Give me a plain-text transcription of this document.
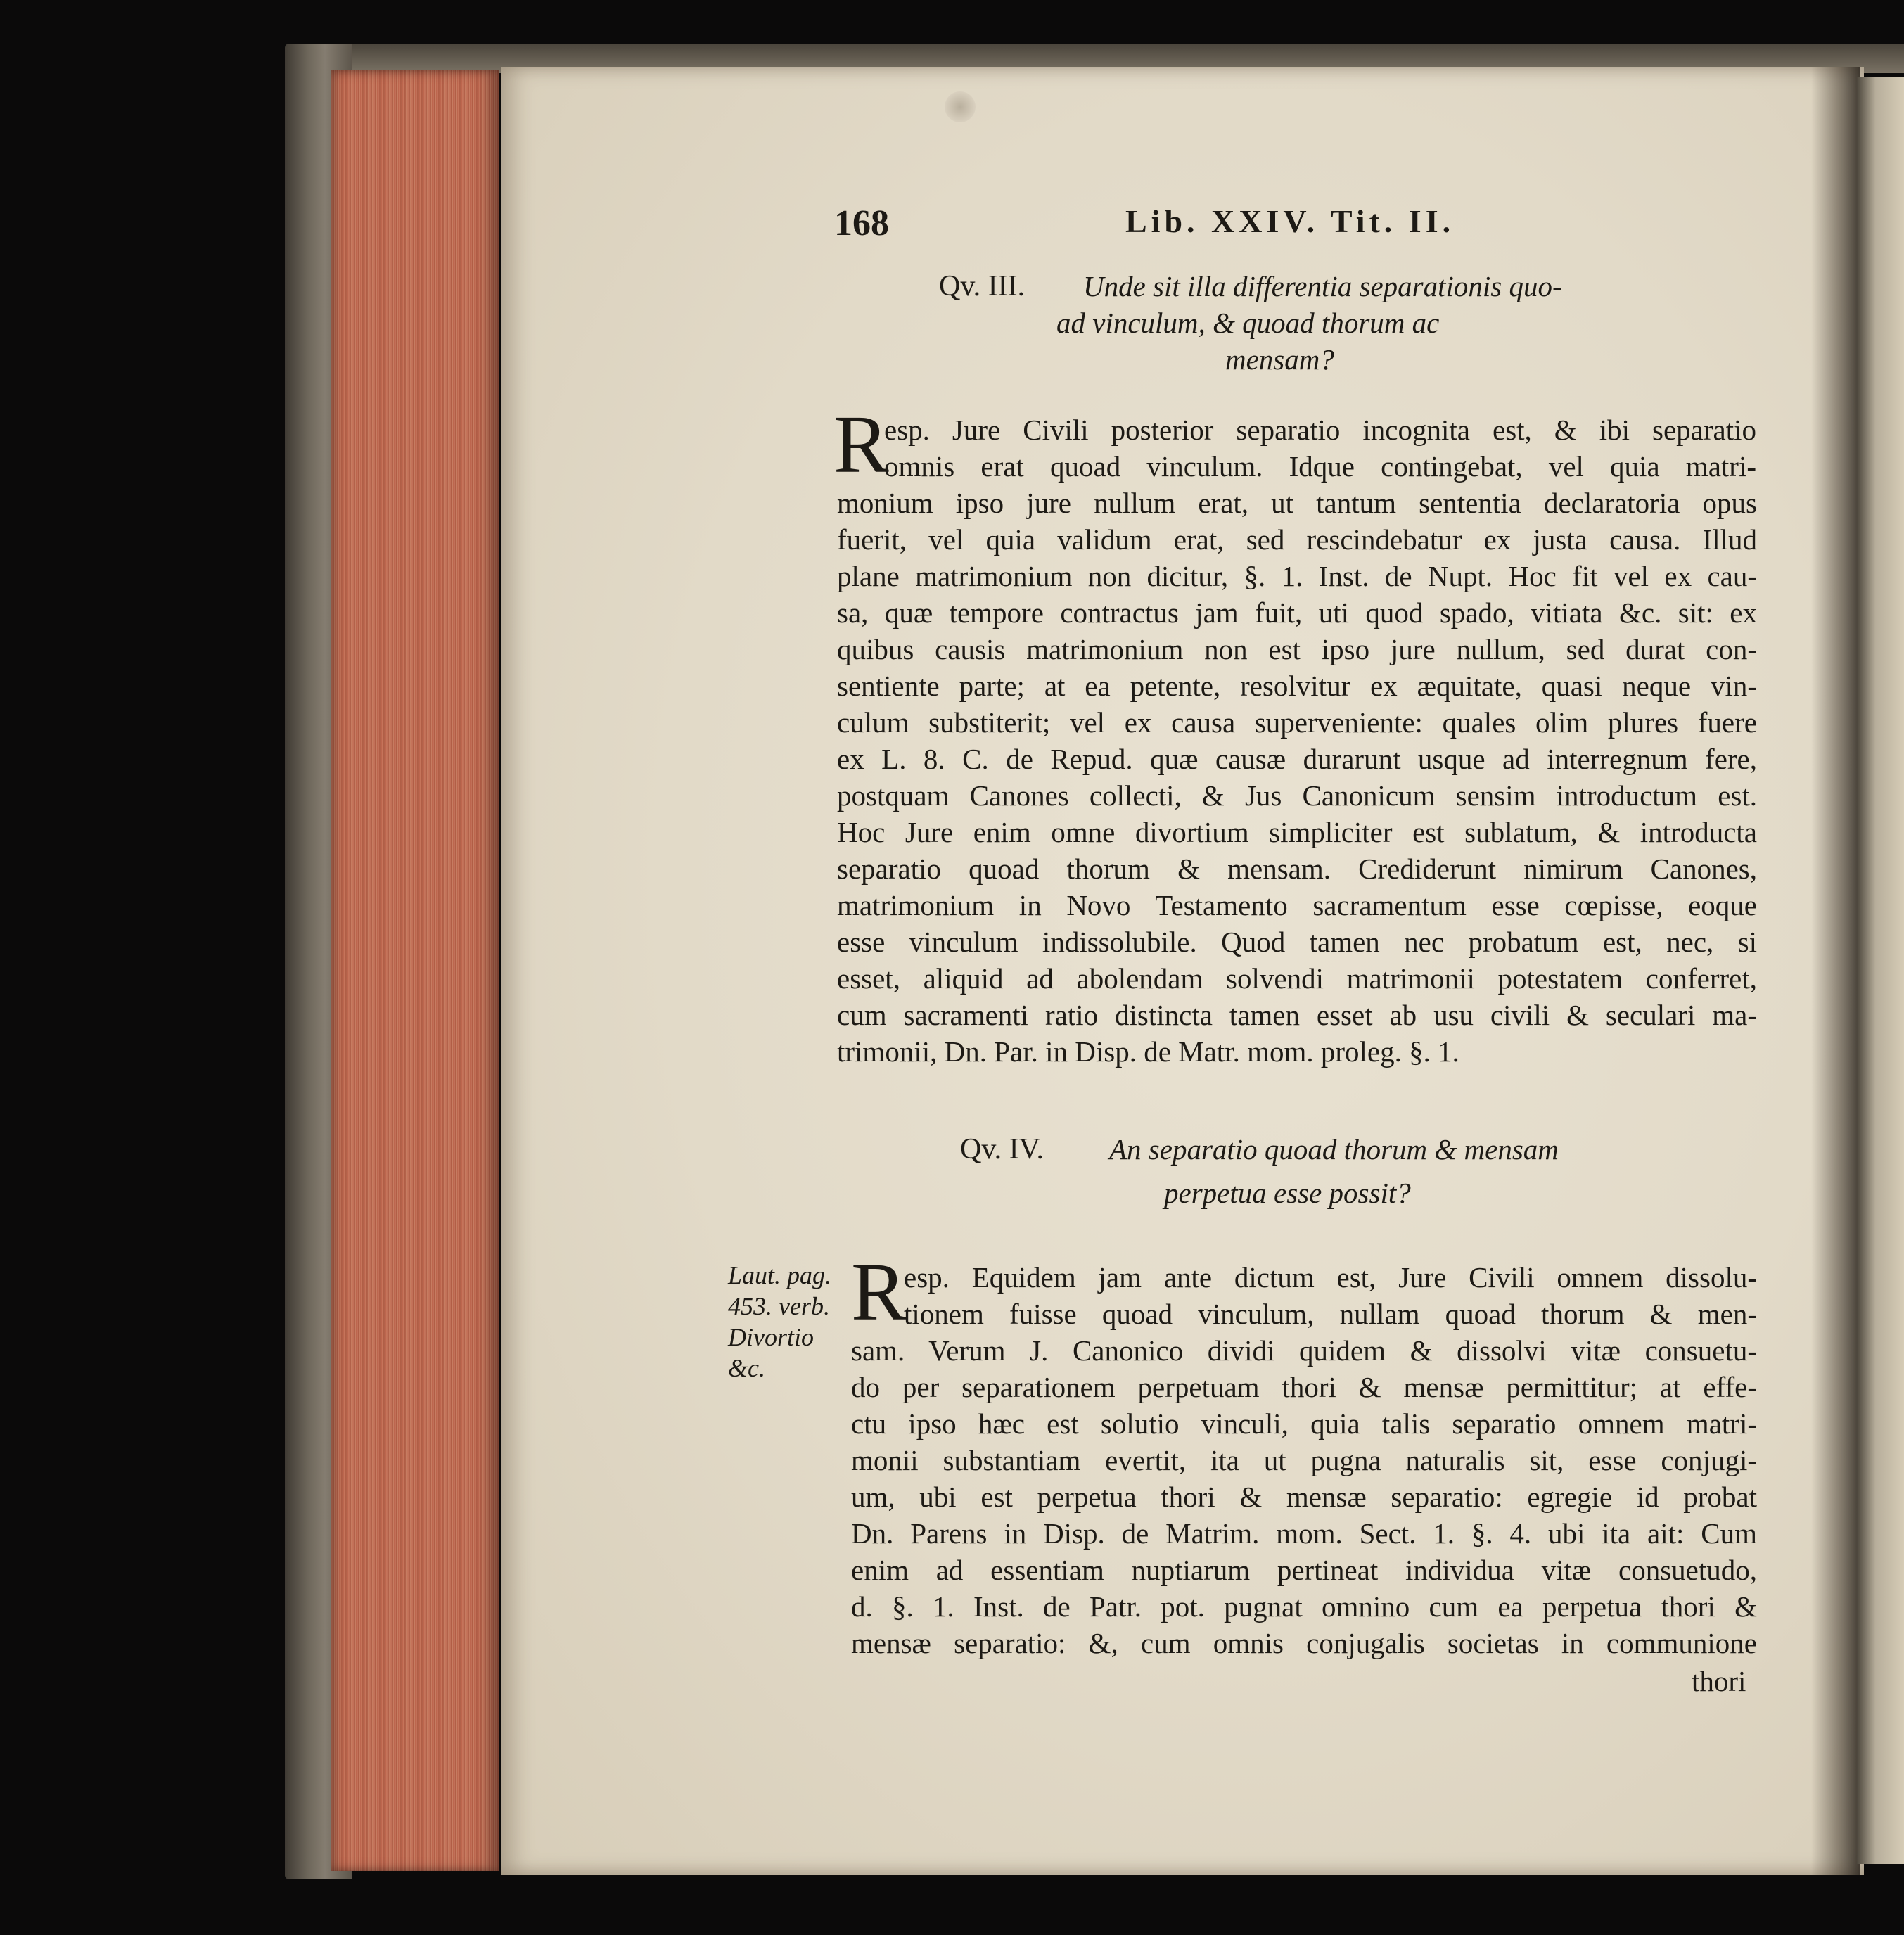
168	Lib. XXIV. Tit. II.
Qv. III. Unde sit illa differentia separationis quo-
ad vinculum, & quoad thorum ac
mensam?
R
esp. Jure Civili posterior separatio incognita est, & ibi separatio
omnis erat quoad vinculum. Idque contingebat, vel quia matri-
monium ipso jure nullum erat, ut tantum sententia declaratoria opus
fuerit, vel quia validum erat, sed rescindebatur ex justa causa. Illud
plane matrimonium non dicitur, §. 1. Inst. de Nupt. Hoc fit vel ex cau-
sa, quæ tempore contractus jam fuit, uti quod spado, vitiata &c. sit: ex
quibus causis matrimonium non est ipso jure nullum, sed durat con-
sentiente parte; at ea petente, resolvitur ex æquitate, quasi neque vin-
culum substiterit; vel ex causa superveniente: quales olim plures fuere
ex L. 8. C. de Repud. quæ causæ durarunt usque ad interregnum fere,
postquam Canones collecti, & Jus Canonicum sensim introductum est.
Hoc Jure enim omne divortium simpliciter est sublatum, & introducta
separatio quoad thorum & mensam. Crediderunt nimirum Canones,
matrimonium in Novo Testamento sacramentum esse cœpisse, eoque
esse vinculum indissolubile. Quod tamen nec probatum est, nec, si
esset, aliquid ad abolendam solvendi matrimonii potestatem conferret,
cum sacramenti ratio distincta tamen esset ab usu civili & seculari ma-
trimonii, Dn. Par. in Disp. de Matr. mom. proleg. §. 1.
Qv. IV. An separatio quoad thorum & mensam
perpetua esse possit?
Laut. pag.
453. verb.
Divortio
&c.
R
esp. Equidem jam ante dictum est, Jure Civili omnem dissolu-
tionem fuisse quoad vinculum, nullam quoad thorum & men-
sam. Verum J. Canonico dividi quidem & dissolvi vitæ consuetu-
do per separationem perpetuam thori & mensæ permittitur; at effe-
ctu ipso hæc est solutio vinculi, quia talis separatio omnem matri-
monii substantiam evertit, ita ut pugna naturalis sit, esse conjugi-
um, ubi est perpetua thori & mensæ separatio: egregie id probat
Dn. Parens in Disp. de Matrim. mom. Sect. 1. §. 4. ubi ita ait: Cum
enim ad essentiam nuptiarum pertineat individua vitæ consuetudo,
d. §. 1. Inst. de Patr. pot. pugnat omnino cum ea perpetua thori &
mensæ separatio: &, cum omnis conjugalis societas in communione
thori
